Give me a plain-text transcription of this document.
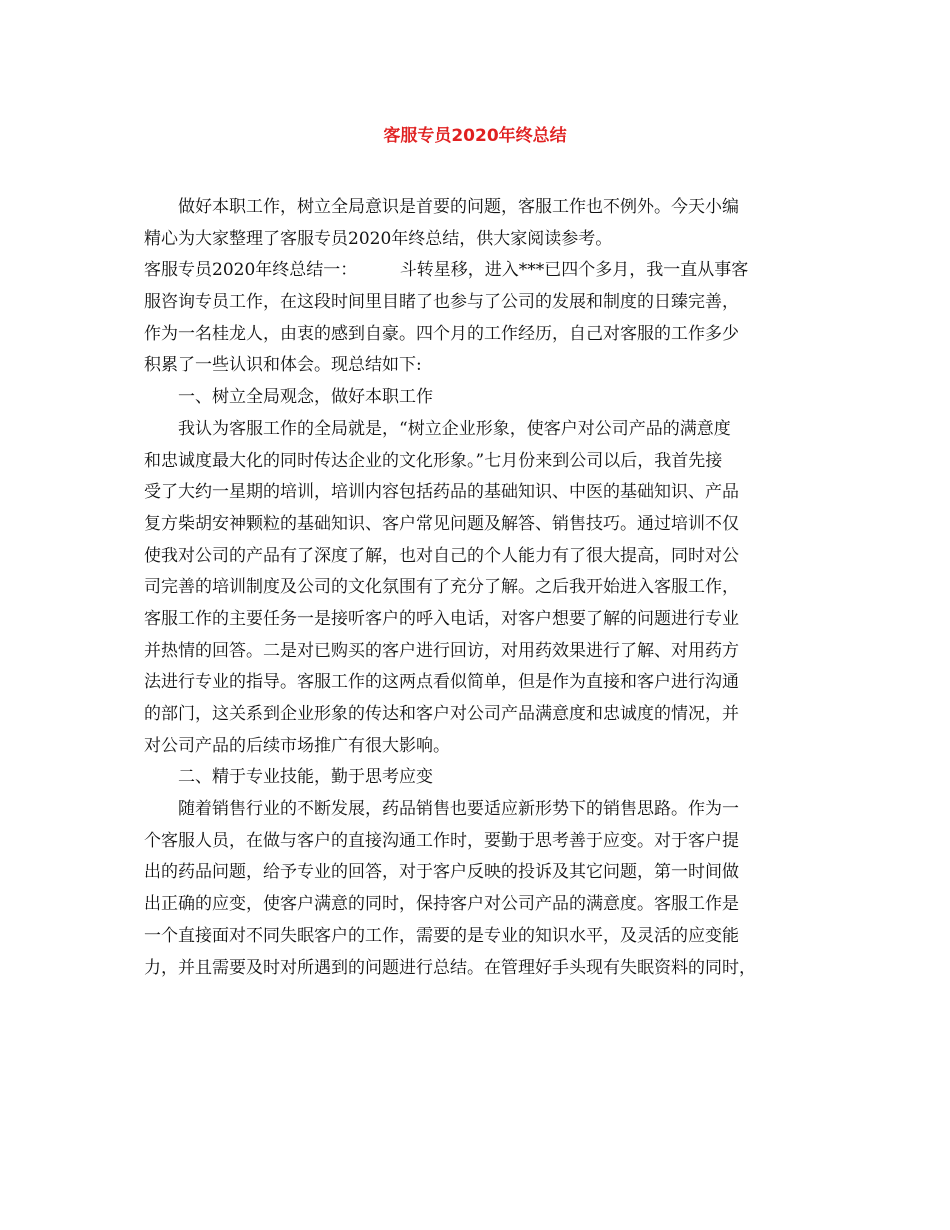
客服专员2020年终总结
做好本职工作，树立全局意识是首要的问题，客服工作也不例外。今天小编
精心为大家整理了客服专员2020年终总结，供大家阅读参考。
客服专员2020年终总结一：　　　斗转星移，进入***已四个多月，我一直从事客
服咨询专员工作，在这段时间里目睹了也参与了公司的发展和制度的日臻完善，
作为一名桂龙人，由衷的感到自豪。四个月的工作经历，自己对客服的工作多少
积累了一些认识和体会。现总结如下:
一、树立全局观念，做好本职工作
我认为客服工作的全局就是，“树立企业形象，使客户对公司产品的满意度
和忠诚度最大化的同时传达企业的文化形象。”七月份来到公司以后，我首先接
受了大约一星期的培训，培训内容包括药品的基础知识、中医的基础知识、产品
复方柴胡安神颗粒的基础知识、客户常见问题及解答、销售技巧。通过培训不仅
使我对公司的产品有了深度了解，也对自己的个人能力有了很大提高，同时对公
司完善的培训制度及公司的文化氛围有了充分了解。之后我开始进入客服工作，
客服工作的主要任务一是接听客户的呼入电话，对客户想要了解的问题进行专业
并热情的回答。二是对已购买的客户进行回访，对用药效果进行了解、对用药方
法进行专业的指导。客服工作的这两点看似简单，但是作为直接和客户进行沟通
的部门，这关系到企业形象的传达和客户对公司产品满意度和忠诚度的情况，并
对公司产品的后续市场推广有很大影响。
二、精于专业技能，勤于思考应变
随着销售行业的不断发展，药品销售也要适应新形势下的销售思路。作为一
个客服人员，在做与客户的直接沟通工作时，要勤于思考善于应变。对于客户提
出的药品问题，给予专业的回答，对于客户反映的投诉及其它问题，第一时间做
出正确的应变，使客户满意的同时，保持客户对公司产品的满意度。客服工作是
一个直接面对不同失眠客户的工作，需要的是专业的知识水平，及灵活的应变能
力，并且需要及时对所遇到的问题进行总结。在管理好手头现有失眠资料的同时，
